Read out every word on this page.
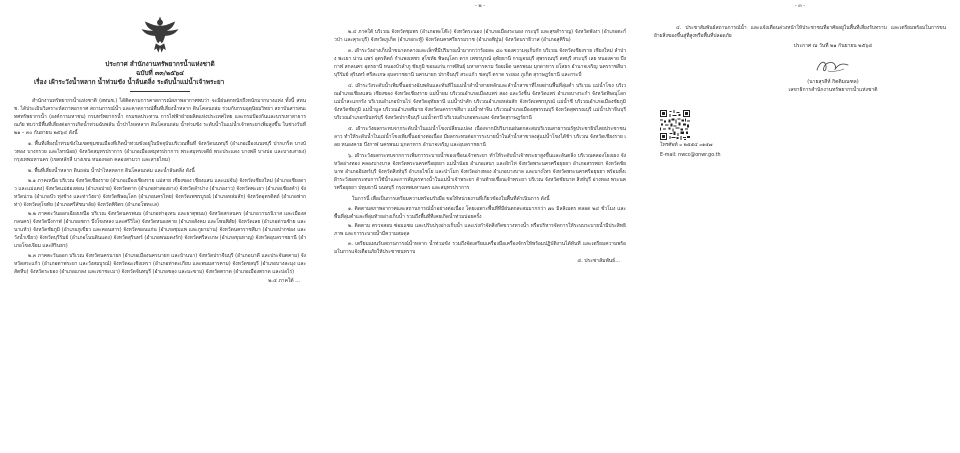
ประกาศ สำนักงานทรัพยากรน้ำแห่งชาติ

ฉบับที่ ๓๓/๒๕๖๔

เรื่อง เฝ้าระวังน้ำหลาก น้ำท่วมขัง น้ำล้นตลิ่ง ระดับน้ำแม่น้ำเจ้าพระยา

สำนักงานทรัพยากรน้ำแห่งชาติ (สทนช.) ได้ติดตามการคาดการณ์สภาพอากาศพบว่า จะมีฝนตกหนักถึงหนักมากบางแห่ง ทั้งนี้ สทนช. ได้ประเมินวิเคราะห์สภาพอากาศ สถานการณ์น้ำ และคาดการณ์พื้นที่เสี่ยงน้ำหลาก ดินโคลนถล่ม ร่วมกับกรมอุตุนิยมวิทยา สถาบันสารสนเทศทรัพยากรน้ำ (องค์การมหาชน) กรมทรัพยากรน้ำ กรมชลประทาน การไฟฟ้าฝ่ายผลิตแห่งประเทศไทย และกรมป้องกันและบรรเทาสาธารณภัย พบว่ามีพื้นที่เสี่ยงต่อการเกิดน้ำท่วมฉับพลัน น้ำป่าไหลหลาก ดินโคลนถล่ม น้ำท่วมขัง ระดับน้ำในแม่น้ำเจ้าพระยาเพิ่มสูงขึ้น ในช่วงวันที่ ๒๑ – ๓๐ กันยายน ๒๕๖๔ ดังนี้

๑. พื้นที่เสี่ยงน้ำท่วมขังในเขตชุมชนเมืองที่เกิดน้ำท่วมขังอยู่ในปัจจุบันบริเวณพื้นที่ จังหวัดนนทบุรี (อำเภอเมืองนนทบุรี ปากเกร็ด บางบัวทอง บางกรวย และไทรน้อย) จังหวัดสมุทรปราการ (อำเภอเมืองสมุทรปราการ พระสมุทรเจดีย์ พระประแดง บางพลี บางบ่อ และบางเสาธง) กรุงเทพมหานคร (เขตหลักสี่ บางเขน หนองจอก คลองสามวา และสายไหม)

๒. พื้นที่เสี่ยงน้ำหลาก ดินถล่ม น้ำป่าไหลหลาก ดินโคลนถล่ม และน้ำล้นตลิ่ง ดังนี้

๒.๑ ภาคเหนือ บริเวณ จังหวัดเชียงราย (อำเภอเมืองเชียงราย แม่สาย เชียงของ เชียงแสน และแม่จัน) จังหวัดเชียงใหม่ (อำเภอเชียงดาว และแม่แตง) จังหวัดแม่ฮ่องสอน (อำเภอปาย) จังหวัดตาก (อำเภอท่าสองยาง) จังหวัดลำปาง (อำเภองาว) จังหวัดพะเยา (อำเภอเชียงคำ) จังหวัดน่าน (อำเภอปัว ทุ่งช้าง และท่าวังผา) จังหวัดพิษณุโลก (อำเภอนครไทย) จังหวัดเพชรบูรณ์ (อำเภอหล่มสัก) จังหวัดอุตรดิตถ์ (อำเภอฟากท่า) จังหวัดสุโขทัย (อำเภอศรีสัชนาลัย) จังหวัดพิจิตร (อำเภอโพทะเล)

๒.๒ ภาคตะวันออกเฉียงเหนือ บริเวณ จังหวัดนครพนม (อำเภอท่าอุเทน และธาตุพนม) จังหวัดสกลนคร (อำเภอวานรนิวาส และเมืองสกลนคร) จังหวัดบึงกาฬ (อำเภอเซกา บึงโขงหลง และศรีวิไล) จังหวัดหนองคาย (อำเภอสังคม และโพนพิสัย) จังหวัดเลย (อำเภอด่านซ้าย และนาแห้ว) จังหวัดชัยภูมิ (อำเภอภูเขียว และคอนสาร) จังหวัดขอนแก่น (อำเภอชุมแพ และภูผาม่าน) จังหวัดนครราชสีมา (อำเภอปากช่อง และวังน้ำเขียว) จังหวัดบุรีรัมย์ (อำเภอโนนดินแดง) จังหวัดสุรินทร์ (อำเภอพนมดงรัก) จังหวัดศรีสะเกษ (อำเภอขุนหาญ) จังหวัดอุบลราชธานี (อำเภอโขงเจียม และสิรินธร)

๒.๓ ภาคตะวันออก บริเวณ จังหวัดนครนายก (อำเภอเมืองนครนายก และบ้านนา) จังหวัดปราจีนบุรี (อำเภอนาดี และประจันตคาม) จังหวัดสระแก้ว (อำเภอตาพระยา และวังสมบูรณ์) จังหวัดฉะเชิงเทรา (อำเภอท่าตะเกียบ และพนมสารคาม) จังหวัดชลบุรี (อำเภอบางละมุง และสัตหีบ) จังหวัดระยอง (อำเภอแกลง และเขาชะเมา) จังหวัดจันทบุรี (อำเภอขลุง และมะขาม) จังหวัดตราด (อำเภอเมืองตราด และบ่อไร่)

๒.๔ ภาคใต้ ...
- ๒ -

๒.๔ ภาคใต้ บริเวณ จังหวัดชุมพร (อำเภอพะโต๊ะ) จังหวัดระนอง (อำเภอเมืองระนอง กระบุรี และสุขสำราญ) จังหวัดพังงา (อำเภอตะกั่วป่า และคุระบุรี) จังหวัดภูเก็ต (อำเภอกะทู้) จังหวัดนครศรีธรรมราช (อำเภอพิปูน) จังหวัดนราธิวาส (อำเภอสุคิริน)

๓. เฝ้าระวังอ่างเก็บน้ำขนาดกลางและเล็กที่มีปริมาณน้ำมากกว่าร้อยละ ๘๐ ของความจุเก็บกัก บริเวณ จังหวัดเชียงราย เชียงใหม่ ลำปาง พะเยา น่าน แพร่ อุตรดิตถ์ กำแพงเพชร สุโขทัย พิษณุโลก ตาก เพชรบูรณ์ อุทัยธานี กาญจนบุรี สุพรรณบุรี ลพบุรี สระบุรี เลย หนองคาย บึงกาฬ สกลนคร อุดรธานี หนองบัวลำภู ชัยภูมิ ขอนแก่น กาฬสินธุ์ มหาสารคาม ร้อยเอ็ด นครพนม มุกดาหาร ยโสธร อำนาจเจริญ นครราชสีมา บุรีรัมย์ สุรินทร์ ศรีสะเกษ อุบลราชธานี นครนายก ปราจีนบุรี สระแก้ว ชลบุรี ตราด ระยอง ภูเก็ต สุราษฎร์ธานี และกระบี่

๔. เฝ้าระวังระดับน้ำเพิ่มขึ้นอย่างฉับพลันและทันทีในแม่น้ำลำน้ำสายหลักและลำน้ำสาขาที่ไหลผ่านพื้นที่ลุ่มต่ำ บริเวณ แม่น้ำโขง บริเวณอำเภอเชียงแสน เชียงของ จังหวัดเชียงราย แม่น้ำยม บริเวณอำเภอเมืองแพร่ สอง และวังชิ้น จังหวัดแพร่ อำเภอบางระกำ จังหวัดพิษณุโลก แม่น้ำสะแกกรัง บริเวณอำเภอบ้านไร่ จังหวัดอุทัยธานี แม่น้ำป่าสัก บริเวณอำเภอหล่มสัก จังหวัดเพชรบูรณ์ แม่น้ำชี บริเวณอำเภอเมืองชัยภูมิ จังหวัดชัยภูมิ แม่น้ำมูล บริเวณอำเภอพิมาย จังหวัดนครราชสีมา แม่น้ำท่าจีน บริเวณอำเภอเมืองสุพรรณบุรี จังหวัดสุพรรณบุรี แม่น้ำปราจีนบุรี บริเวณอำเภอกบินทร์บุรี จังหวัดปราจีนบุรี แม่น้ำตาปี บริเวณอำเภอพระแสง จังหวัดสุราษฎร์ธานี

๕. เฝ้าระวังผลกระทบจากระดับน้ำในแม่น้ำโขงเปลี่ยนแปลง เนื่องจากมีปริมาณฝนตกสะสมบริเวณสาธารณรัฐประชาธิปไตยประชาชนลาว ทำให้ระดับน้ำในแม่น้ำโขงเพิ่มขึ้นอย่างต่อเนื่อง มีผลกระทบต่อการระบายน้ำในลำน้ำสาขาลงสู่แม่น้ำโขงได้ช้า บริเวณ จังหวัดเชียงราย เลย หนองคาย บึงกาฬ นครพนม มุกดาหาร อำนาจเจริญ และอุบลราชธานี

๖. เฝ้าระวังผลกระทบจากการเพิ่มการระบายน้ำของเขื่อนเจ้าพระยา ทำให้ระดับน้ำเจ้าพระยาสูงขึ้นและล้นตลิ่ง บริเวณคลองโผงเผง จังหวัดอ่างทอง คลองบางบาล จังหวัดพระนครศรีอยุธยา แม่น้ำน้อย อำเภอเสนา และผักไห่ จังหวัดพระนครศรีอยุธยา อำเภอสรรพยา จังหวัดชัยนาท อำเภออินทร์บุรี จังหวัดสิงห์บุรี อำเภอไชโย และป่าโมก จังหวัดอ่างทอง อำเภอบางบาล และบางไทร จังหวัดพระนครศรีอยุธยา พร้อมทั้งเฝ้าระวังผลกระทบการใช้น้ำและการสัญจรทางน้ำในแม่น้ำเจ้าพระยา ด้านท้ายเขื่อนเจ้าพระยา บริเวณ จังหวัดชัยนาท สิงห์บุรี อ่างทอง พระนครศรีอยุธยา ปทุมธานี นนทบุรี กรุงเทพมหานคร และสมุทรปราการ

ในการนี้ เพื่อเป็นการเตรียมความพร้อมรับมือ ขอให้หน่วยงานที่เกี่ยวข้องในพื้นที่ดำเนินการ ดังนี้

๑. ติดตามสภาพอากาศและสถานการณ์น้ำอย่างต่อเนื่อง โดยเฉพาะพื้นที่ที่มีฝนตกสะสมมากกว่า ๗๐ มิลลิเมตร ตลอด ๒๔ ชั่วโมง และพื้นที่ลุ่มต่ำและที่ลุ่มท้ายอ่างเก็บน้ำ รวมถึงพื้นที่ที่เคยเกิดน้ำท่วมบ่อยครั้ง

๒. ติดตาม ตรวจสอบ ซ่อมแซม และปรับปรุงอ่างเก็บน้ำ และเร่งกำจัดสิ่งกีดขวางทางน้ำ หรือบริหารจัดการให้ระบบระบายน้ำมีประสิทธิภาพ และการระบายน้ำมีความสมดุล

๓. เตรียมแผนรับสถานการณ์น้ำหลาก น้ำท่วมขัง รวมถึงจัดเตรียมเครื่องมือเครื่องจักรให้พร้อมปฏิบัติงานได้ทันที และเตรียมความพร้อมในการแจ้งเตือนภัยให้ประชาชนทราบ

๔. ประชาสัมพันธ์...
- ๓ -

๔. ประชาสัมพันธ์สถานการณ์น้ำ และแจ้งเตือนล่วงหน้าให้ประชาชนที่อาศัยอยู่ในพื้นที่เสี่ยงรับทราบ และเตรียมพร้อมในการขนย้ายสิ่งของขึ้นสู่ที่สูงหรือพื้นที่ปลอดภัย

ประกาศ ณ วันที่ ๒๑ กันยายน ๒๕๖๔

(นายสุรสีห์ กิตติมณฑล)

เลขาธิการสำนักงานทรัพยากรน้ำแห่งชาติ

โทรศัพท์ ๐ ๒๕๕๔ ๐๑๕๗

E-mail: nwcc@onwr.go.th
